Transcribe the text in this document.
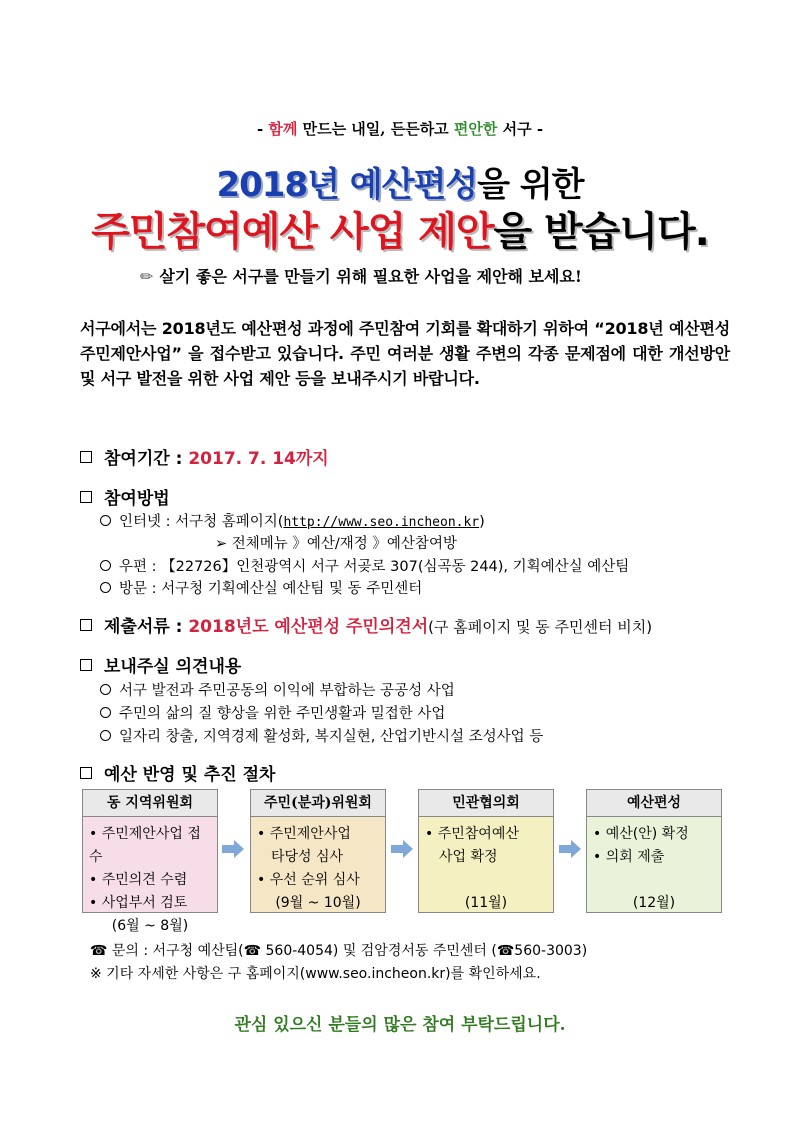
- 함께 만드는 내일, 든든하고 편안한 서구 -
2018년 예산편성을 위한
주민참여예산 사업 제안을 받습니다.
✏ 살기 좋은 서구를 만들기 위해 필요한 사업을 제안해 보세요!
서구에서는 2018년도 예산편성 과정에 주민참여 기회를 확대하기 위하여 “2018년 예산편성 주민제안사업” 을 접수받고 있습니다. 주민 여러분 생활 주변의 각종 문제점에 대한 개선방안 및 서구 발전을 위한 사업 제안 등을 보내주시기 바랍니다.
참여기간 : 2017. 7. 14까지
참여방법
인터넷 : 서구청 홈페이지(http://www.seo.incheon.kr)
➢ 전체메뉴 》예산/재정 》예산참여방
우편 : 【22726】인천광역시 서구 서곶로 307(심곡동 244), 기획예산실 예산팀
방문 : 서구청 기획예산실 예산팀 및 동 주민센터
제출서류 : 2018년도 예산편성 주민의견서(구 홈페이지 및 동 주민센터 비치)
보내주실 의견내용
서구 발전과 주민공동의 이익에 부합하는 공공성 사업
주민의 삶의 질 향상을 위한 주민생활과 밀접한 사업
일자리 창출, 지역경제 활성화, 복지실현, 산업기반시설 조성사업 등
예산 반영 및 추진 절차
동 지역위원회
• 주민제안사업 접수
• 주민의견 수렴
• 사업부서 검토
(6월 ~ 8월)
주민(분과)위원회
• 주민제안사업
타당성 심사
• 우선 순위 심사
(9월 ~ 10월)
민관협의회
• 주민참여예산
사업 확정
(11월)
예산편성
• 예산(안) 확정
• 의회 제출
(12월)
☎ 문의 : 서구청 예산팀(☎ 560-4054) 및 검암경서동 주민센터 (☎560-3003)
※ 기타 자세한 사항은 구 홈페이지(www.seo.incheon.kr)를 확인하세요.
관심 있으신 분들의 많은 참여 부탁드립니다.
